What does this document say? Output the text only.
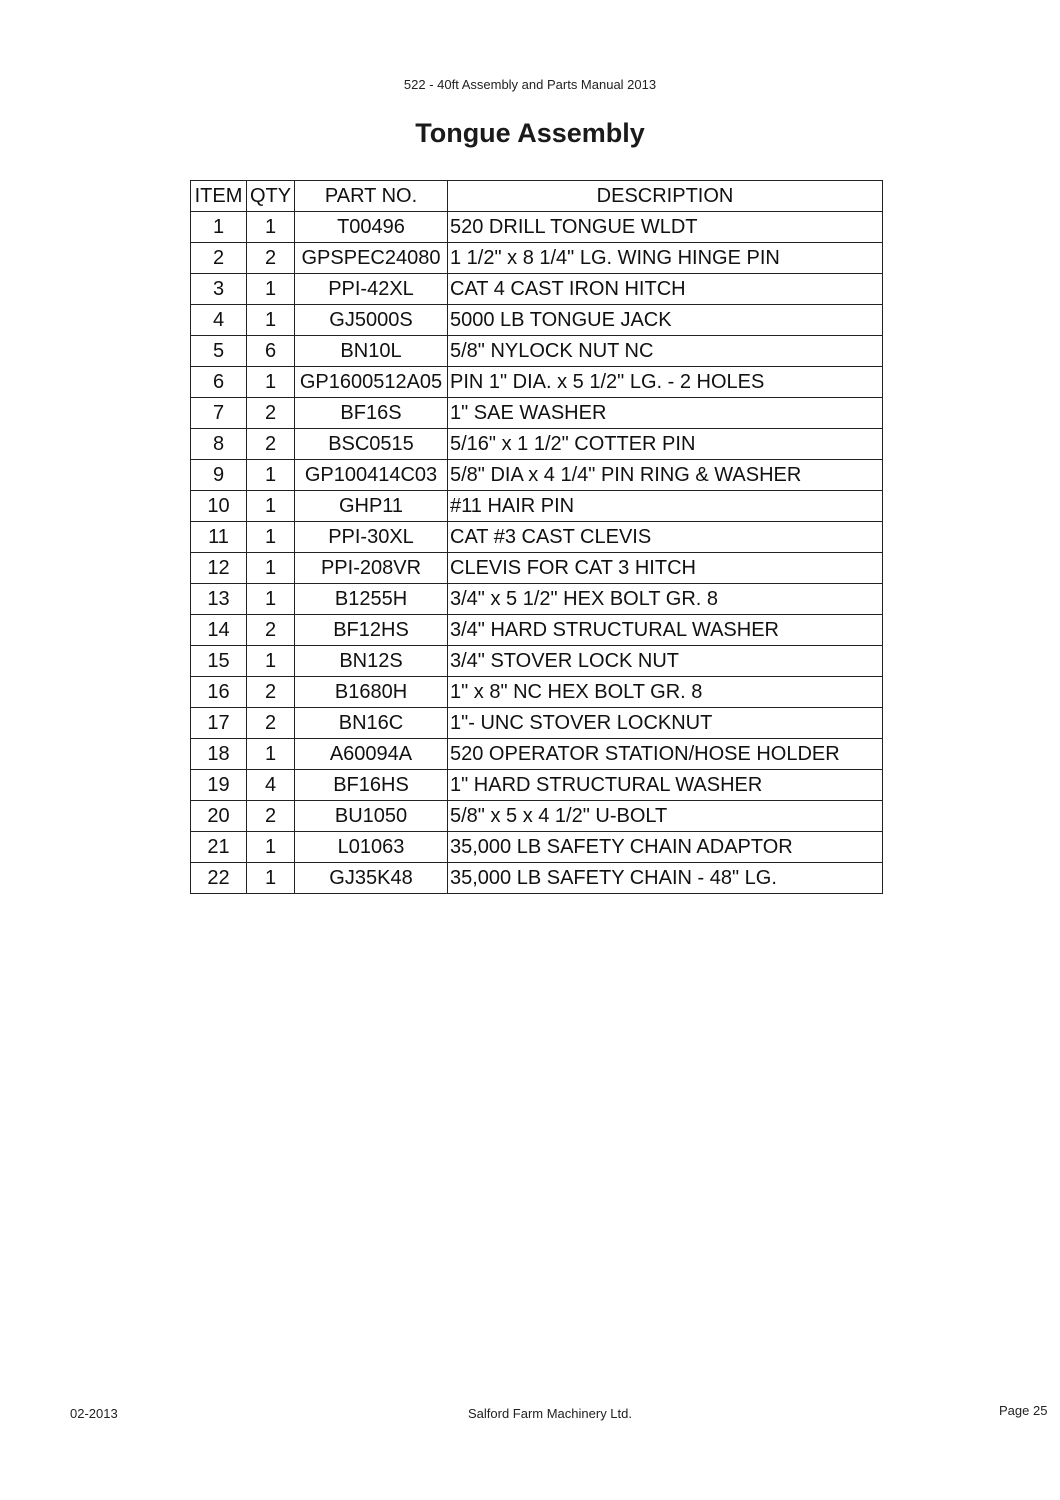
522 - 40ft Assembly and Parts Manual 2013
Tongue Assembly
ITEM	QTY	PART NO.	DESCRIPTION
1	1	T00496	520 DRILL TONGUE WLDT
2	2	GPSPEC24080	1 1/2" x 8 1/4" LG. WING HINGE PIN
3	1	PPI-42XL	CAT 4 CAST IRON HITCH
4	1	GJ5000S	5000 LB TONGUE JACK
5	6	BN10L	5/8" NYLOCK NUT NC
6	1	GP1600512A05	PIN 1" DIA. x 5 1/2" LG. - 2 HOLES
7	2	BF16S	1" SAE WASHER
8	2	BSC0515	5/16" x 1 1/2" COTTER PIN
9	1	GP100414C03	5/8" DIA x 4 1/4" PIN RING & WASHER
10	1	GHP11	#11 HAIR PIN
11	1	PPI-30XL	CAT #3 CAST CLEVIS
12	1	PPI-208VR	CLEVIS FOR CAT 3 HITCH
13	1	B1255H	3/4" x 5 1/2" HEX BOLT GR. 8
14	2	BF12HS	3/4" HARD STRUCTURAL WASHER
15	1	BN12S	3/4" STOVER LOCK NUT
16	2	B1680H	1" x 8" NC HEX BOLT GR. 8
17	2	BN16C	1"- UNC STOVER LOCKNUT
18	1	A60094A	520 OPERATOR STATION/HOSE HOLDER
19	4	BF16HS	1" HARD STRUCTURAL WASHER
20	2	BU1050	5/8" x 5 x 4 1/2" U-BOLT
21	1	L01063	35,000 LB SAFETY CHAIN ADAPTOR
22	1	GJ35K48	35,000 LB SAFETY CHAIN - 48" LG.
02-2013	Salford Farm Machinery Ltd.	Page 25
